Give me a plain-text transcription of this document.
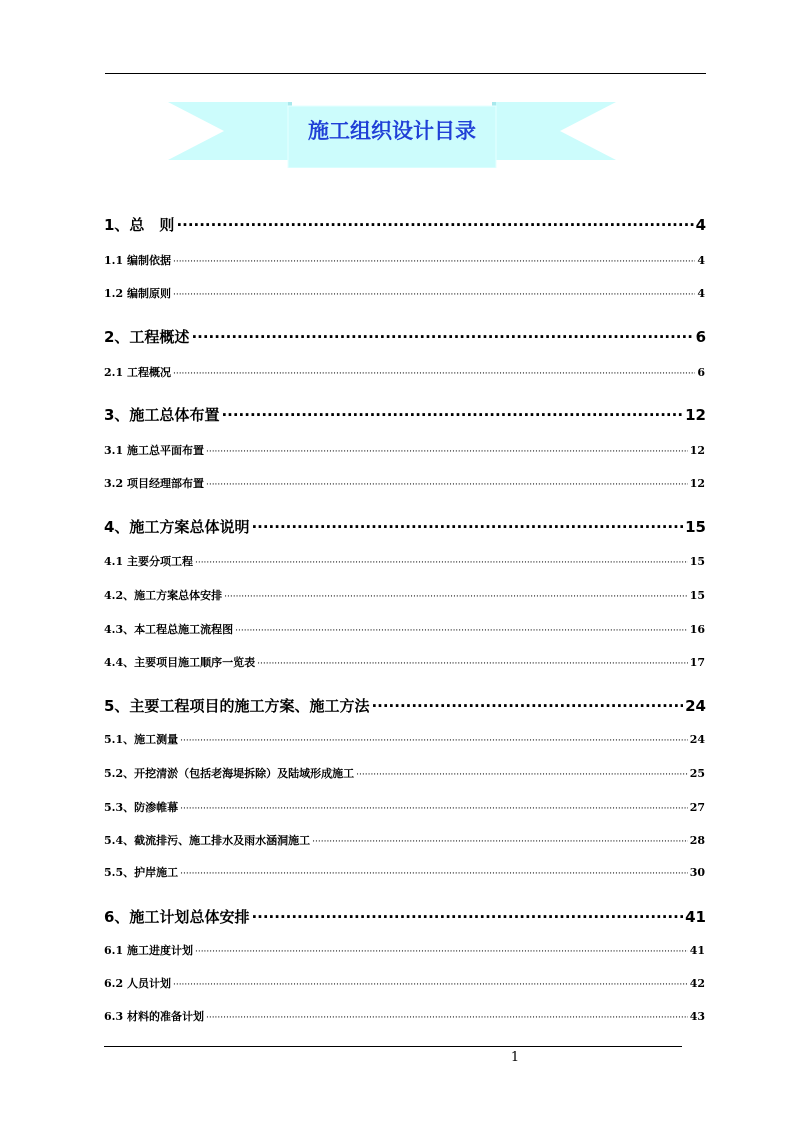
施工组织设计目录
1、总　则 ·····	4
1.1 编制依据 ·····	4
1.2 编制原则 ·····	4
2、工程概述 ·····	6
2.1 工程概况 ·····	6
3、施工总体布置 ·····	12
3.1 施工总平面布置 ·····	12
3.2 项目经理部布置 ·····	12
4、施工方案总体说明 ·····	15
4.1 主要分项工程 ·····	15
4.2、施工方案总体安排 ·····	15
4.3、本工程总施工流程图 ·····	16
4.4、主要项目施工顺序一览表 ·····	17
5、主要工程项目的施工方案、施工方法 ·····	24
5.1、施工测量 ·····	24
5.2、开挖清淤（包括老海堤拆除）及陆域形成施工 ·····	25
5.3、防渗帷幕 ·····	27
5.4、截流排污、施工排水及雨水涵洞施工 ·····	28
5.5、护岸施工 ·····	30
6、施工计划总体安排 ·····	41
6.1 施工进度计划 ·····	41
6.2 人员计划 ·····	42
6.3 材料的准备计划 ·····	43
1
